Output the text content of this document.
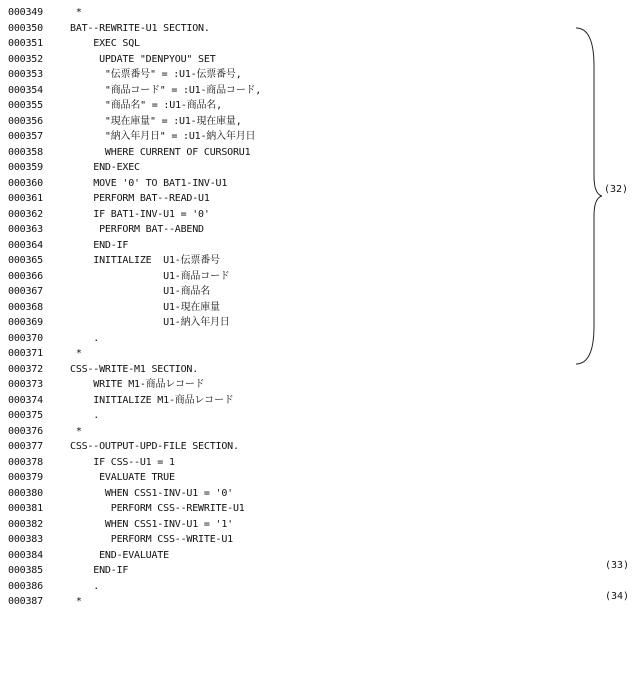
000349	*
000350	BAT--REWRITE-U1 SECTION.
000351	EXEC SQL
000352	UPDATE "DENPYOU" SET
000353	"伝票番号" = :U1-伝票番号,
000354	"商品コード" = :U1-商品コード,
000355	"商品名" = :U1-商品名,
000356	"現在庫量" = :U1-現在庫量,
000357	"納入年月日" = :U1-納入年月日
000358	WHERE CURRENT OF CURSORU1
000359	END-EXEC
000360	MOVE '0' TO BAT1-INV-U1
000361	PERFORM BAT--READ-U1
000362	IF BAT1-INV-U1 = '0'
000363	PERFORM BAT--ABEND
000364	END-IF
000365	INITIALIZE  U1-伝票番号
000366	U1-商品コード
000367	U1-商品名
000368	U1-現在庫量
000369	U1-納入年月日
000370	.
000371	*
000372	CSS--WRITE-M1 SECTION.
000373	WRITE M1-商品レコード
000374	INITIALIZE M1-商品レコード
000375	.
000376	*
000377	CSS--OUTPUT-UPD-FILE SECTION.
000378	IF CSS--U1 = 1
000379	EVALUATE TRUE
000380	WHEN CSS1-INV-U1 = '0'
000381	PERFORM CSS--REWRITE-U1
000382	WHEN CSS1-INV-U1 = '1'
000383	PERFORM CSS--WRITE-U1
000384	END-EVALUATE
000385	END-IF
000386	.
000387	*
(32)
(33)
(34)
